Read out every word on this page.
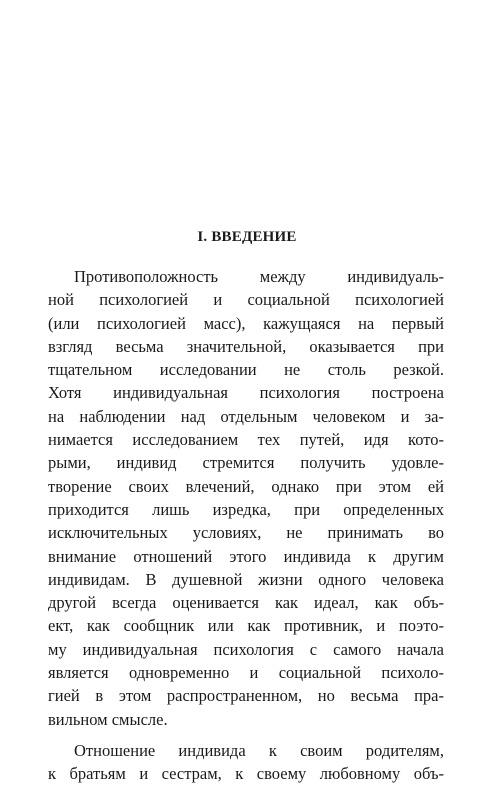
I. ВВЕДЕНИЕ
Противоположность между индивидуаль-
ной психологией и социальной психологией
(или психологией масс), кажущаяся на первый
взгляд весьма значительной, оказывается при
тщательном исследовании не столь резкой.
Хотя индивидуальная психология построена
на наблюдении над отдельным человеком и за-
нимается исследованием тех путей, идя кото-
рыми, индивид стремится получить удовле-
творение своих влечений, однако при этом ей
приходится лишь изредка, при определенных
исключительных условиях, не принимать во
внимание отношений этого индивида к другим
индивидам. В душевной жизни одного человека
другой всегда оценивается как идеал, как объ-
ект, как сообщник или как противник, и поэто-
му индивидуальная психология с самого начала
является одновременно и социальной психоло-
гией в этом распространенном, но весьма пра-
вильном смысле.
Отношение индивида к своим родителям,
к братьям и сестрам, к своему любовному объ-
